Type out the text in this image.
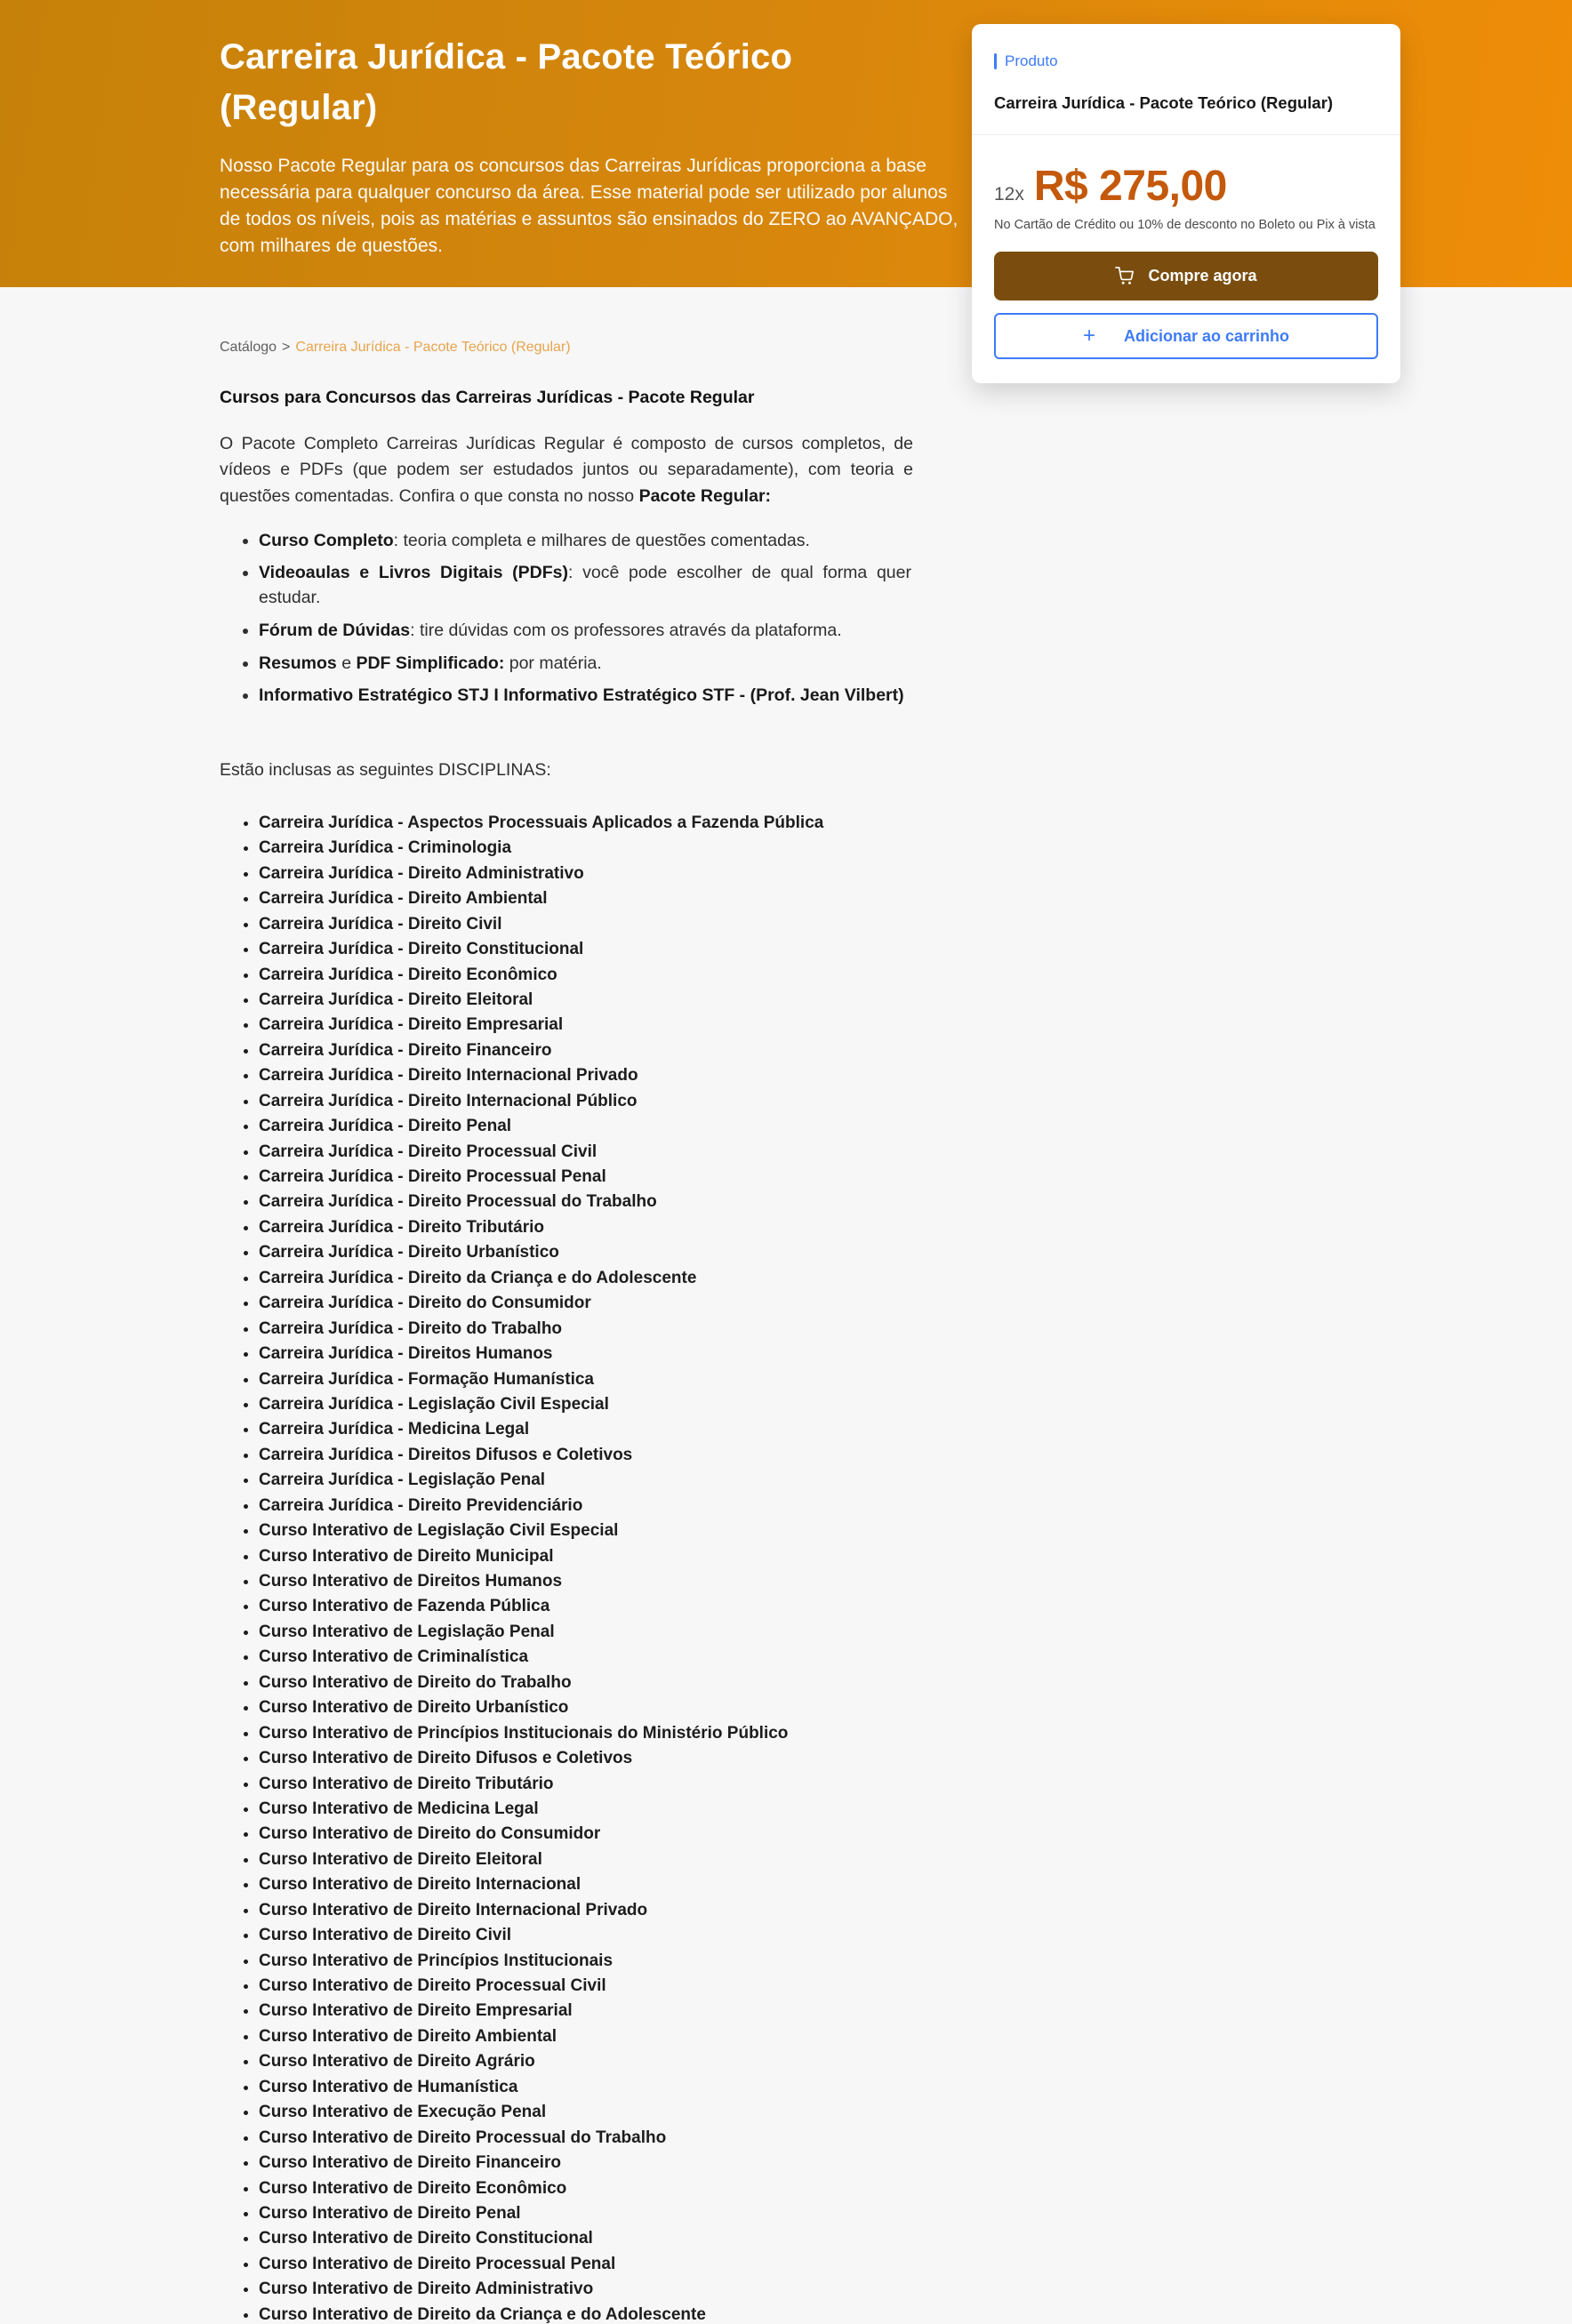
Carreira Jurídica - Pacote Teórico (Regular)

Nosso Pacote Regular para os concursos das Carreiras Jurídicas proporciona a base necessária para qualquer concurso da área. Esse material pode ser utilizado por alunos de todos os níveis, pois as matérias e assuntos são ensinados do ZERO ao AVANÇADO, com milhares de questões.

Produto
Carreira Jurídica - Pacote Teórico (Regular)
12x R$ 275,00

No Cartão de Crédito ou 10% de desconto no Boleto ou Pix à vista

Compre agora
+ Adicionar ao carrinho
Catálogo > Carreira Jurídica - Pacote Teórico (Regular)
Cursos para Concursos das Carreiras Jurídicas - Pacote Regular

O Pacote Completo Carreiras Jurídicas Regular é composto de cursos completos, de vídeos e PDFs (que podem ser estudados juntos ou separadamente), com teoria e questões comentadas. Confira o que consta no nosso Pacote Regular:

• Curso Completo: teoria completa e milhares de questões comentadas.
• Videoaulas e Livros Digitais (PDFs): você pode escolher de qual forma quer estudar.
• Fórum de Dúvidas: tire dúvidas com os professores através da plataforma.
• Resumos e PDF Simplificado: por matéria.
• Informativo Estratégico STJ I Informativo Estratégico STF - (Prof. Jean Vilbert)

Estão inclusas as seguintes DISCIPLINAS:

• Carreira Jurídica - Aspectos Processuais Aplicados a Fazenda Pública
• Carreira Jurídica - Criminologia
• Carreira Jurídica - Direito Administrativo
• Carreira Jurídica - Direito Ambiental
• Carreira Jurídica - Direito Civil
• Carreira Jurídica - Direito Constitucional
• Carreira Jurídica - Direito Econômico
• Carreira Jurídica - Direito Eleitoral
• Carreira Jurídica - Direito Empresarial
• Carreira Jurídica - Direito Financeiro
• Carreira Jurídica - Direito Internacional Privado
• Carreira Jurídica - Direito Internacional Público
• Carreira Jurídica - Direito Penal
• Carreira Jurídica - Direito Processual Civil
• Carreira Jurídica - Direito Processual Penal
• Carreira Jurídica - Direito Processual do Trabalho
• Carreira Jurídica - Direito Tributário
• Carreira Jurídica - Direito Urbanístico
• Carreira Jurídica - Direito da Criança e do Adolescente
• Carreira Jurídica - Direito do Consumidor
• Carreira Jurídica - Direito do Trabalho
• Carreira Jurídica - Direitos Humanos
• Carreira Jurídica - Formação Humanística
• Carreira Jurídica - Legislação Civil Especial
• Carreira Jurídica - Medicina Legal
• Carreira Jurídica - Direitos Difusos e Coletivos
• Carreira Jurídica - Legislação Penal
• Carreira Jurídica - Direito Previdenciário
• Curso Interativo de Legislação Civil Especial
• Curso Interativo de Direito Municipal
• Curso Interativo de Direitos Humanos
• Curso Interativo de Fazenda Pública
• Curso Interativo de Legislação Penal
• Curso Interativo de Criminalística
• Curso Interativo de Direito do Trabalho
• Curso Interativo de Direito Urbanístico
• Curso Interativo de Princípios Institucionais do Ministério Público
• Curso Interativo de Direito Difusos e Coletivos
• Curso Interativo de Direito Tributário
• Curso Interativo de Medicina Legal
• Curso Interativo de Direito do Consumidor
• Curso Interativo de Direito Eleitoral
• Curso Interativo de Direito Internacional
• Curso Interativo de Direito Internacional Privado
• Curso Interativo de Direito Civil
• Curso Interativo de Princípios Institucionais
• Curso Interativo de Direito Processual Civil
• Curso Interativo de Direito Empresarial
• Curso Interativo de Direito Ambiental
• Curso Interativo de Direito Agrário
• Curso Interativo de Humanística
• Curso Interativo de Execução Penal
• Curso Interativo de Direito Processual do Trabalho
• Curso Interativo de Direito Financeiro
• Curso Interativo de Direito Econômico
• Curso Interativo de Direito Penal
• Curso Interativo de Direito Constitucional
• Curso Interativo de Direito Processual Penal
• Curso Interativo de Direito Administrativo
• Curso Interativo de Direito da Criança e do Adolescente
